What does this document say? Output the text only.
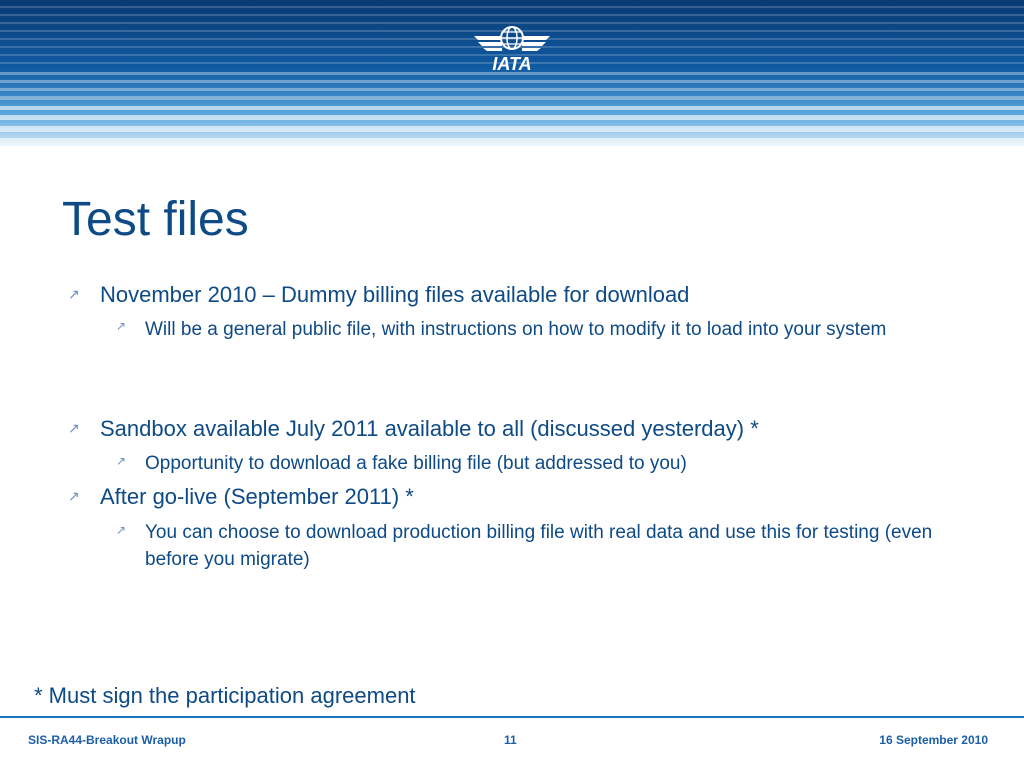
IATA
Test files
↗ November 2010 – Dummy billing files available for download

↗ Will be a general public file, with instructions on how to modify it to load into your system

↗ Sandbox available July 2011 available to all (discussed yesterday) *

↗ Opportunity to download a fake billing file (but addressed to you)

↗ After go-live (September 2011) *

↗ You can choose to download production billing file with real data and use this for testing (even before you migrate)

* Must sign the participation agreement

SIS-RA44-Breakout Wrapup	11	16 September 2010
